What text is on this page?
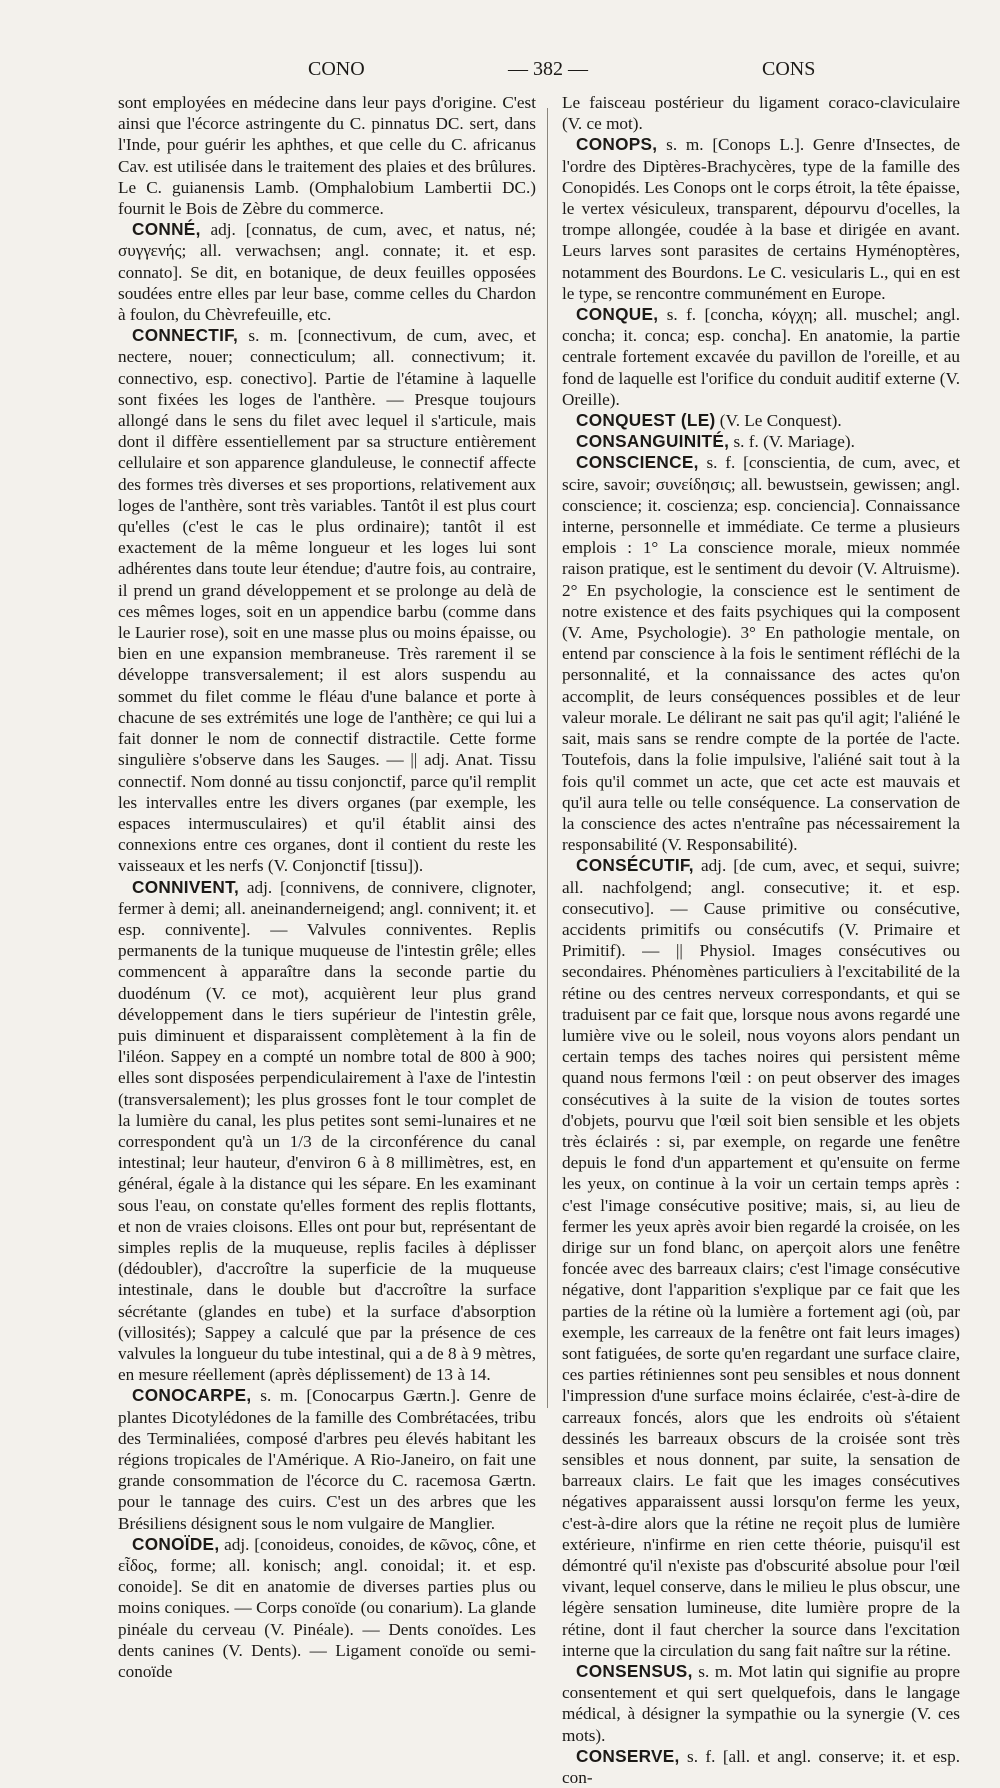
CONO	— 382 —	CONS

sont employées en médecine dans leur pays d'origine. C'est ainsi que l'écorce astringente du C. pinnatus DC. sert, dans l'Inde, pour guérir les aphthes, et que celle du C. africanus Cav. est utilisée dans le traitement des plaies et des brûlures. Le C. guianensis Lamb. (Omphalobium Lambertii DC.) fournit le Bois de Zèbre du commerce.

CONNÉ, adj. [connatus, de cum, avec, et natus, né; συγγενής; all. verwachsen; angl. connate; it. et esp. connato]. Se dit, en botanique, de deux feuilles opposées soudées entre elles par leur base, comme celles du Chardon à foulon, du Chèvrefeuille, etc.

CONNECTIF, s. m. [connectivum, de cum, avec, et nectere, nouer; connecticulum; all. connectivum; it. connectivo, esp. conectivo]. Partie de l'étamine à laquelle sont fixées les loges de l'anthère. — Presque toujours allongé dans le sens du filet avec lequel il s'articule, mais dont il diffère essentiellement par sa structure entièrement cellulaire et son apparence glanduleuse, le connectif affecte des formes très diverses et ses proportions, relativement aux loges de l'anthère, sont très variables. Tantôt il est plus court qu'elles (c'est le cas le plus ordinaire); tantôt il est exactement de la même longueur et les loges lui sont adhérentes dans toute leur étendue; d'autre fois, au contraire, il prend un grand développement et se prolonge au delà de ces mêmes loges, soit en un appendice barbu (comme dans le Laurier rose), soit en une masse plus ou moins épaisse, ou bien en une expansion membraneuse. Très rarement il se développe transversalement; il est alors suspendu au sommet du filet comme le fléau d'une balance et porte à chacune de ses extrémités une loge de l'anthère; ce qui lui a fait donner le nom de connectif distractile. Cette forme singulière s'observe dans les Sauges. — || adj. Anat. Tissu connectif. Nom donné au tissu conjonctif, parce qu'il remplit les intervalles entre les divers organes (par exemple, les espaces intermusculaires) et qu'il établit ainsi des connexions entre ces organes, dont il contient du reste les vaisseaux et les nerfs (V. Conjonctif [tissu]).

CONNIVENT, adj. [connivens, de connivere, clignoter, fermer à demi; all. aneinanderneigend; angl. connivent; it. et esp. connivente]. — Valvules conniventes. Replis permanents de la tunique muqueuse de l'intestin grêle; elles commencent à apparaître dans la seconde partie du duodénum (V. ce mot), acquièrent leur plus grand développement dans le tiers supérieur de l'intestin grêle, puis diminuent et disparaissent complètement à la fin de l'iléon. Sappey en a compté un nombre total de 800 à 900; elles sont disposées perpendiculairement à l'axe de l'intestin (transversalement); les plus grosses font le tour complet de la lumière du canal, les plus petites sont semi-lunaires et ne correspondent qu'à un 1/3 de la circonférence du canal intestinal; leur hauteur, d'environ 6 à 8 millimètres, est, en général, égale à la distance qui les sépare. En les examinant sous l'eau, on constate qu'elles forment des replis flottants, et non de vraies cloisons. Elles ont pour but, représentant de simples replis de la muqueuse, replis faciles à déplisser (dédoubler), d'accroître la superficie de la muqueuse intestinale, dans le double but d'accroître la surface sécrétante (glandes en tube) et la surface d'absorption (villosités); Sappey a calculé que par la présence de ces valvules la longueur du tube intestinal, qui a de 8 à 9 mètres, en mesure réellement (après déplissement) de 13 à 14.

CONOCARPE, s. m. [Conocarpus Gærtn.]. Genre de plantes Dicotylédones de la famille des Combrétacées, tribu des Terminaliées, composé d'arbres peu élevés habitant les régions tropicales de l'Amérique. A Rio-Janeiro, on fait une grande consommation de l'écorce du C. racemosa Gærtn. pour le tannage des cuirs. C'est un des arbres que les Brésiliens désignent sous le nom vulgaire de Manglier.

CONOÏDE, adj. [conoideus, conoides, de κῶνος, cône, et εἶδος, forme; all. konisch; angl. conoidal; it. et esp. conoide]. Se dit en anatomie de diverses parties plus ou moins coniques. — Corps conoïde (ou conarium). La glande pinéale du cerveau (V. Pinéale). — Dents conoïdes. Les dents canines (V. Dents). — Ligament conoïde ou semi-conoïde

Le faisceau postérieur du ligament coraco-claviculaire (V. ce mot).

CONOPS, s. m. [Conops L.]. Genre d'Insectes, de l'ordre des Diptères-Brachycères, type de la famille des Conopidés. Les Conops ont le corps étroit, la tête épaisse, le vertex vésiculeux, transparent, dépourvu d'ocelles, la trompe allongée, coudée à la base et dirigée en avant. Leurs larves sont parasites de certains Hyménoptères, notamment des Bourdons. Le C. vesicularis L., qui en est le type, se rencontre communément en Europe.

CONQUE, s. f. [concha, κόγχη; all. muschel; angl. concha; it. conca; esp. concha]. En anatomie, la partie centrale fortement excavée du pavillon de l'oreille, et au fond de laquelle est l'orifice du conduit auditif externe (V. Oreille).

CONQUEST (LE) (V. Le Conquest).

CONSANGUINITÉ, s. f. (V. Mariage).

CONSCIENCE, s. f. [conscientia, de cum, avec, et scire, savoir; συνείδησις; all. bewustsein, gewissen; angl. conscience; it. coscienza; esp. conciencia]. Connaissance interne, personnelle et immédiate. Ce terme a plusieurs emplois : 1° La conscience morale, mieux nommée raison pratique, est le sentiment du devoir (V. Altruisme). 2° En psychologie, la conscience est le sentiment de notre existence et des faits psychiques qui la composent (V. Ame, Psychologie). 3° En pathologie mentale, on entend par conscience à la fois le sentiment réfléchi de la personnalité, et la connaissance des actes qu'on accomplit, de leurs conséquences possibles et de leur valeur morale. Le délirant ne sait pas qu'il agit; l'aliéné le sait, mais sans se rendre compte de la portée de l'acte. Toutefois, dans la folie impulsive, l'aliéné sait tout à la fois qu'il commet un acte, que cet acte est mauvais et qu'il aura telle ou telle conséquence. La conservation de la conscience des actes n'entraîne pas nécessairement la responsabilité (V. Responsabilité).

CONSÉCUTIF, adj. [de cum, avec, et sequi, suivre; all. nachfolgend; angl. consecutive; it. et esp. consecutivo]. — Cause primitive ou consécutive, accidents primitifs ou consécutifs (V. Primaire et Primitif). — || Physiol. Images consécutives ou secondaires. Phénomènes particuliers à l'excitabilité de la rétine ou des centres nerveux correspondants, et qui se traduisent par ce fait que, lorsque nous avons regardé une lumière vive ou le soleil, nous voyons alors pendant un certain temps des taches noires qui persistent même quand nous fermons l'œil : on peut observer des images consécutives à la suite de la vision de toutes sortes d'objets, pourvu que l'œil soit bien sensible et les objets très éclairés : si, par exemple, on regarde une fenêtre depuis le fond d'un appartement et qu'ensuite on ferme les yeux, on continue à la voir un certain temps après : c'est l'image consécutive positive; mais, si, au lieu de fermer les yeux après avoir bien regardé la croisée, on les dirige sur un fond blanc, on aperçoit alors une fenêtre foncée avec des barreaux clairs; c'est l'image consécutive négative, dont l'apparition s'explique par ce fait que les parties de la rétine où la lumière a fortement agi (où, par exemple, les carreaux de la fenêtre ont fait leurs images) sont fatiguées, de sorte qu'en regardant une surface claire, ces parties rétiniennes sont peu sensibles et nous donnent l'impression d'une surface moins éclairée, c'est-à-dire de carreaux foncés, alors que les endroits où s'étaient dessinés les barreaux obscurs de la croisée sont très sensibles et nous donnent, par suite, la sensation de barreaux clairs. Le fait que les images consécutives négatives apparaissent aussi lorsqu'on ferme les yeux, c'est-à-dire alors que la rétine ne reçoit plus de lumière extérieure, n'infirme en rien cette théorie, puisqu'il est démontré qu'il n'existe pas d'obscurité absolue pour l'œil vivant, lequel conserve, dans le milieu le plus obscur, une légère sensation lumineuse, dite lumière propre de la rétine, dont il faut chercher la source dans l'excitation interne que la circulation du sang fait naître sur la rétine.

CONSENSUS, s. m. Mot latin qui signifie au propre consentement et qui sert quelquefois, dans le langage médical, à désigner la sympathie ou la synergie (V. ces mots).

CONSERVE, s. f. [all. et angl. conserve; it. et esp. con-
